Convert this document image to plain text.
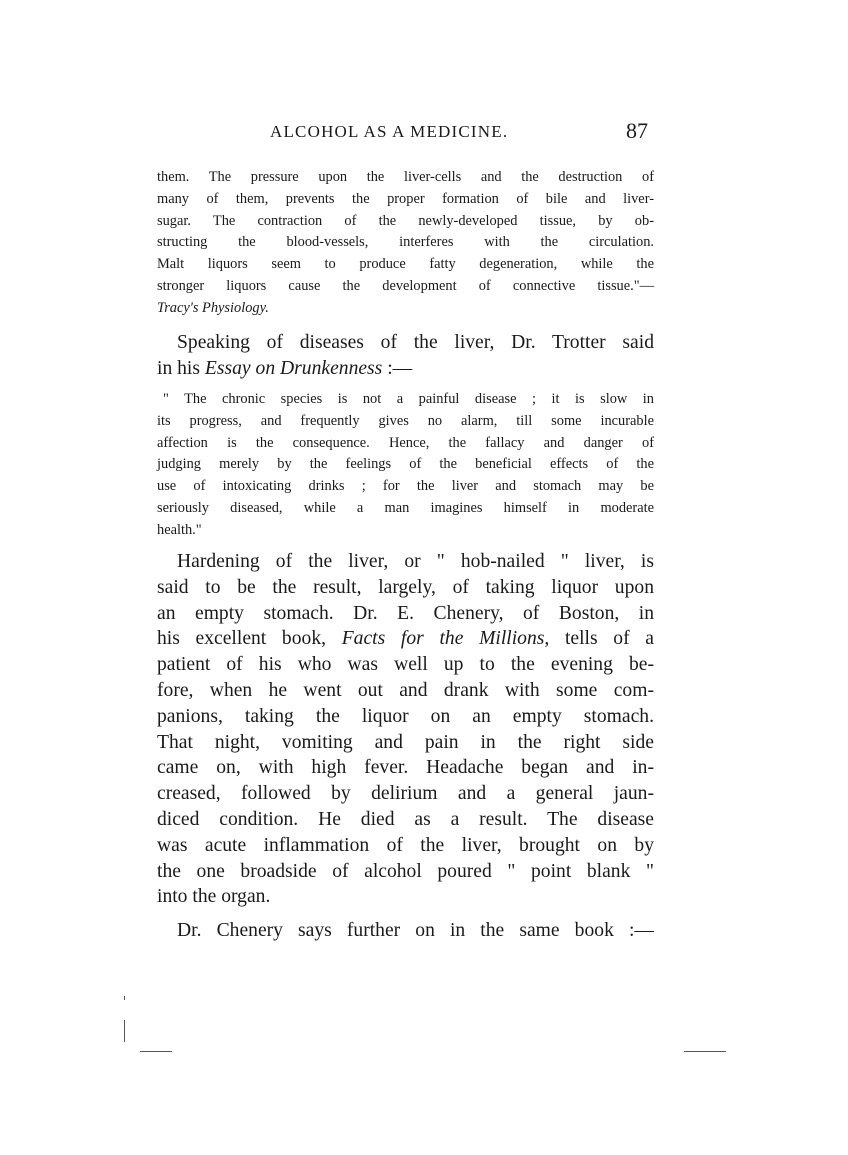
ALCOHOL AS A MEDICINE.	87
them. The pressure upon the liver-cells and the destruction of
many of them, prevents the proper formation of bile and liver-
sugar. The contraction of the newly-developed tissue, by ob-
structing the blood-vessels, interferes with the circulation.
Malt liquors seem to produce fatty degeneration, while the
stronger liquors cause the development of connective tissue."—
Tracy's Physiology.
Speaking of diseases of the liver, Dr. Trotter said
in his Essay on Drunkenness :—
" The chronic species is not a painful disease ; it is slow in
its progress, and frequently gives no alarm, till some incurable
affection is the consequence. Hence, the fallacy and danger of
judging merely by the feelings of the beneficial effects of the
use of intoxicating drinks ; for the liver and stomach may be
seriously diseased, while a man imagines himself in moderate
health."
Hardening of the liver, or " hob-nailed " liver, is
said to be the result, largely, of taking liquor upon
an empty stomach. Dr. E. Chenery, of Boston, in
his excellent book, Facts for the Millions, tells of a
patient of his who was well up to the evening be-
fore, when he went out and drank with some com-
panions, taking the liquor on an empty stomach.
That night, vomiting and pain in the right side
came on, with high fever. Headache began and in-
creased, followed by delirium and a general jaun-
diced condition. He died as a result. The disease
was acute inflammation of the liver, brought on by
the one broadside of alcohol poured " point blank "
into the organ.
Dr. Chenery says further on in the same book :—
